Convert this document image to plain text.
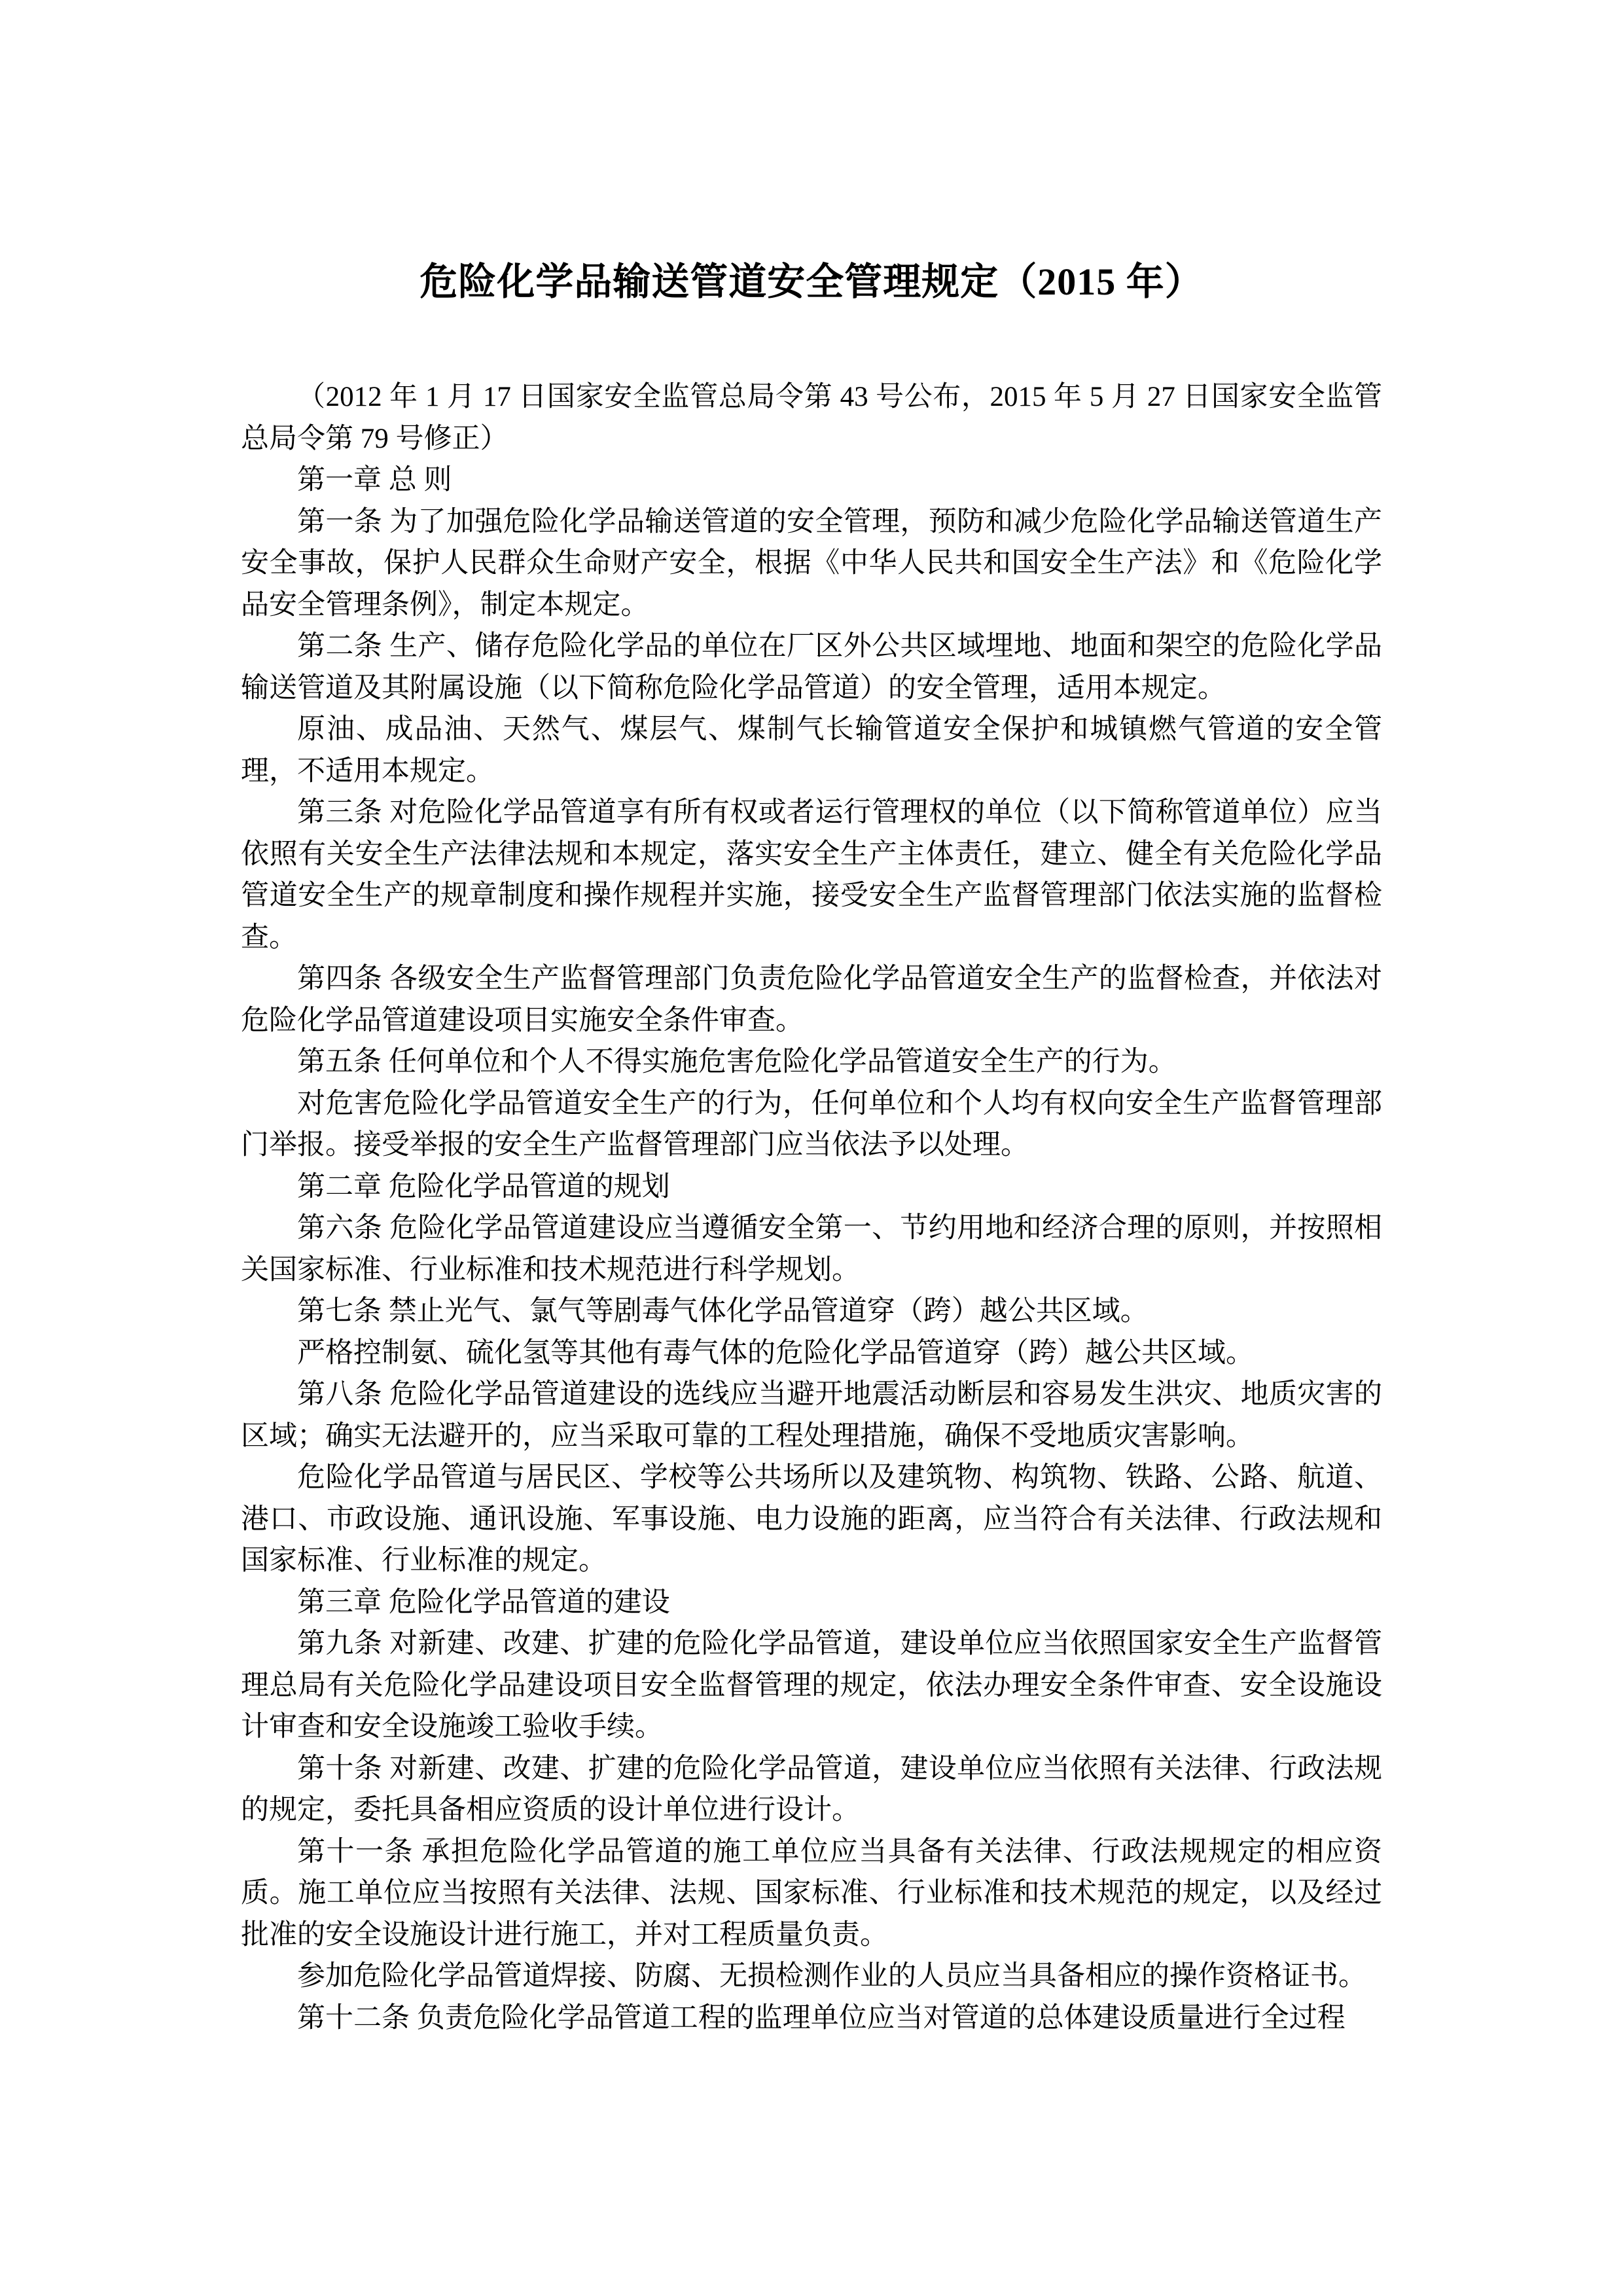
危险化学品输送管道安全管理规定（2015 年）

（2012 年 1 月 17 日国家安全监管总局令第 43 号公布，2015 年 5 月 27 日国家安全监管总局令第 79 号修正）

第一章 总 则

第一条 为了加强危险化学品输送管道的安全管理，预防和减少危险化学品输送管道生产安全事故，保护人民群众生命财产安全，根据《中华人民共和国安全生产法》和《危险化学品安全管理条例》，制定本规定。

第二条 生产、储存危险化学品的单位在厂区外公共区域埋地、地面和架空的危险化学品输送管道及其附属设施（以下简称危险化学品管道）的安全管理，适用本规定。

原油、成品油、天然气、煤层气、煤制气长输管道安全保护和城镇燃气管道的安全管理，不适用本规定。

第三条 对危险化学品管道享有所有权或者运行管理权的单位（以下简称管道单位）应当依照有关安全生产法律法规和本规定，落实安全生产主体责任，建立、健全有关危险化学品管道安全生产的规章制度和操作规程并实施，接受安全生产监督管理部门依法实施的监督检查。

第四条 各级安全生产监督管理部门负责危险化学品管道安全生产的监督检查，并依法对危险化学品管道建设项目实施安全条件审查。

第五条 任何单位和个人不得实施危害危险化学品管道安全生产的行为。

对危害危险化学品管道安全生产的行为，任何单位和个人均有权向安全生产监督管理部门举报。接受举报的安全生产监督管理部门应当依法予以处理。

第二章 危险化学品管道的规划

第六条 危险化学品管道建设应当遵循安全第一、节约用地和经济合理的原则，并按照相关国家标准、行业标准和技术规范进行科学规划。

第七条 禁止光气、氯气等剧毒气体化学品管道穿（跨）越公共区域。

严格控制氨、硫化氢等其他有毒气体的危险化学品管道穿（跨）越公共区域。

第八条 危险化学品管道建设的选线应当避开地震活动断层和容易发生洪灾、地质灾害的区域；确实无法避开的，应当采取可靠的工程处理措施，确保不受地质灾害影响。

危险化学品管道与居民区、学校等公共场所以及建筑物、构筑物、铁路、公路、航道、港口、市政设施、通讯设施、军事设施、电力设施的距离，应当符合有关法律、行政法规和国家标准、行业标准的规定。

第三章 危险化学品管道的建设

第九条 对新建、改建、扩建的危险化学品管道，建设单位应当依照国家安全生产监督管理总局有关危险化学品建设项目安全监督管理的规定，依法办理安全条件审查、安全设施设计审查和安全设施竣工验收手续。

第十条 对新建、改建、扩建的危险化学品管道，建设单位应当依照有关法律、行政法规的规定，委托具备相应资质的设计单位进行设计。

第十一条 承担危险化学品管道的施工单位应当具备有关法律、行政法规规定的相应资质。施工单位应当按照有关法律、法规、国家标准、行业标准和技术规范的规定，以及经过批准的安全设施设计进行施工，并对工程质量负责。

参加危险化学品管道焊接、防腐、无损检测作业的人员应当具备相应的操作资格证书。

第十二条 负责危险化学品管道工程的监理单位应当对管道的总体建设质量进行全过程
